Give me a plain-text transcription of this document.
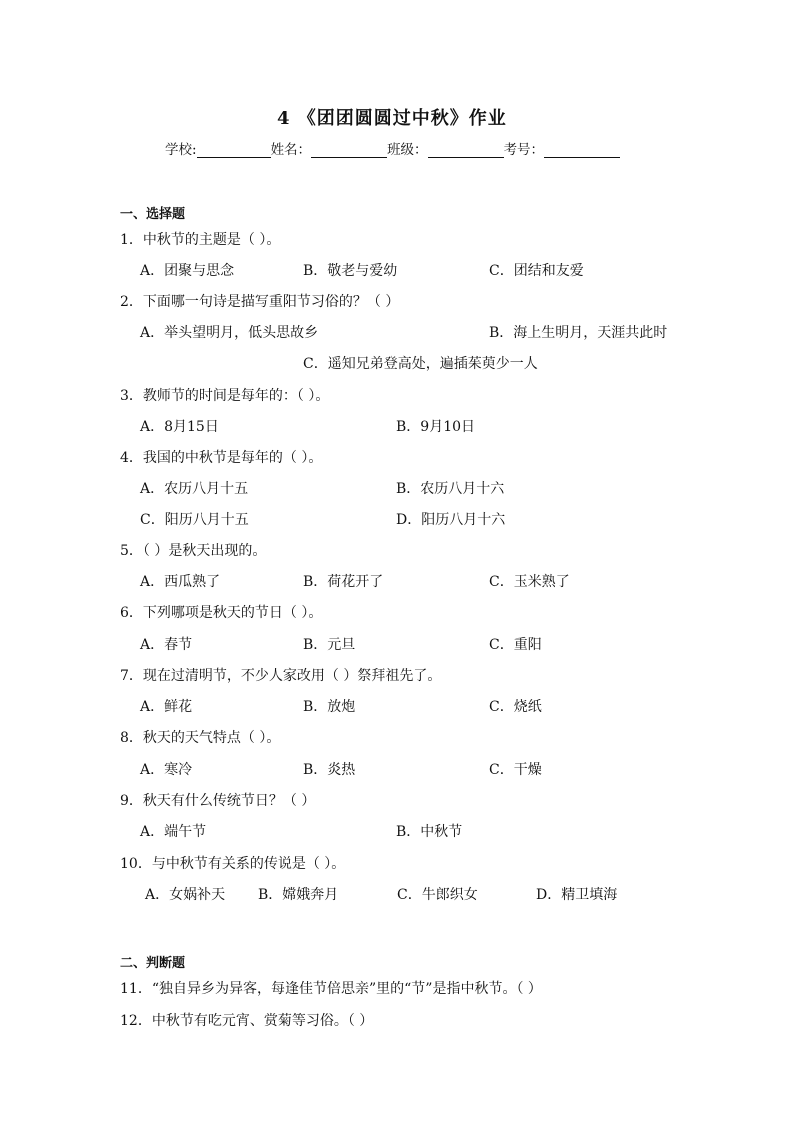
4 《团团圆圆过中秋》作业
学校:	姓名：	班级：	考号：
一、选择题
1．中秋节的主题是（ ）。
A．团聚与思念	B．敬老与爱幼	C．团结和友爱
2．下面哪一句诗是描写重阳节习俗的？（ ）
A．举头望明月，低头思故乡	B．海上生明月，天涯共此时
C．遥知兄弟登高处，遍插茱萸少一人
3．教师节的时间是每年的：（ ）。
A．8月15日	B．9月10日
4．我国的中秋节是每年的（ ）。
A．农历八月十五	B．农历八月十六
C．阳历八月十五	D．阳历八月十六
5．（ ）是秋天出现的。
A．西瓜熟了	B．荷花开了	C．玉米熟了
6．下列哪项是秋天的节日（ ）。
A．春节	B．元旦	C．重阳
7．现在过清明节，不少人家改用（ ）祭拜祖先了。
A．鲜花	B．放炮	C．烧纸
8．秋天的天气特点（ ）。
A．寒冷	B．炎热	C．干燥
9．秋天有什么传统节日？（ ）
A．端午节	B．中秋节
10．与中秋节有关系的传说是（ ）。
A．女娲补天 B．嫦娥奔月	C．牛郎织女	D．精卫填海
二、判断题
11．“独自异乡为异客，每逢佳节倍思亲”里的“节”是指中秋节。（ ）
12．中秋节有吃元宵、赏菊等习俗。（ ）
